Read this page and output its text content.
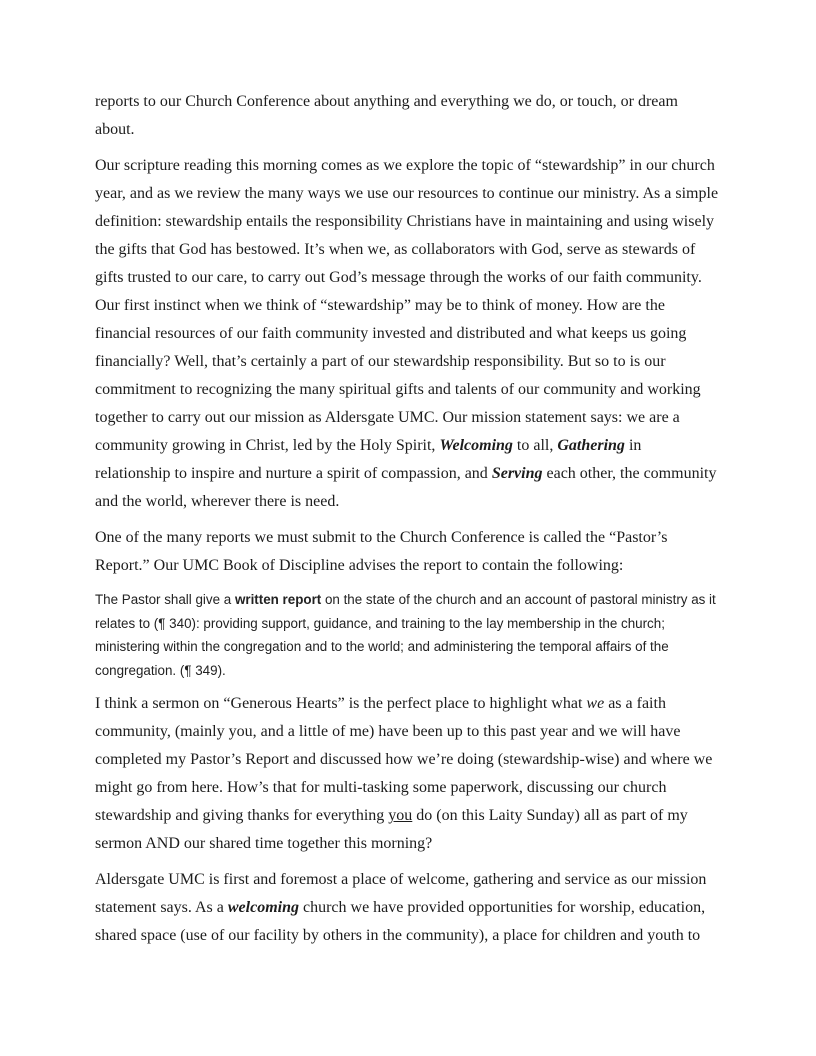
reports to our Church Conference about anything and everything we do, or touch, or dream about.

Our scripture reading this morning comes as we explore the topic of “stewardship” in our church year, and as we review the many ways we use our resources to continue our ministry. As a simple definition: stewardship entails the responsibility Christians have in maintaining and using wisely the gifts that God has bestowed. It’s when we, as collaborators with God, serve as stewards of gifts trusted to our care, to carry out God’s message through the works of our faith community. Our first instinct when we think of “stewardship” may be to think of money. How are the financial resources of our faith community invested and distributed and what keeps us going financially? Well, that’s certainly a part of our stewardship responsibility. But so to is our commitment to recognizing the many spiritual gifts and talents of our community and working together to carry out our mission as Aldersgate UMC. Our mission statement says: we are a community growing in Christ, led by the Holy Spirit, Welcoming to all, Gathering in relationship to inspire and nurture a spirit of compassion, and Serving each other, the community and the world, wherever there is need.

One of the many reports we must submit to the Church Conference is called the “Pastor’s Report.” Our UMC Book of Discipline advises the report to contain the following:

The Pastor shall give a written report on the state of the church and an account of pastoral ministry as it relates to (¶ 340): providing support, guidance, and training to the lay membership in the church; ministering within the congregation and to the world; and administering the temporal affairs of the congregation. (¶ 349).

I think a sermon on “Generous Hearts” is the perfect place to highlight what we as a faith community, (mainly you, and a little of me) have been up to this past year and we will have completed my Pastor’s Report and discussed how we’re doing (stewardship-wise) and where we might go from here. How’s that for multi-tasking some paperwork, discussing our church stewardship and giving thanks for everything you do (on this Laity Sunday) all as part of my sermon AND our shared time together this morning?

Aldersgate UMC is first and foremost a place of welcome, gathering and service as our mission statement says. As a welcoming church we have provided opportunities for worship, education, shared space (use of our facility by others in the community), a place for children and youth to
